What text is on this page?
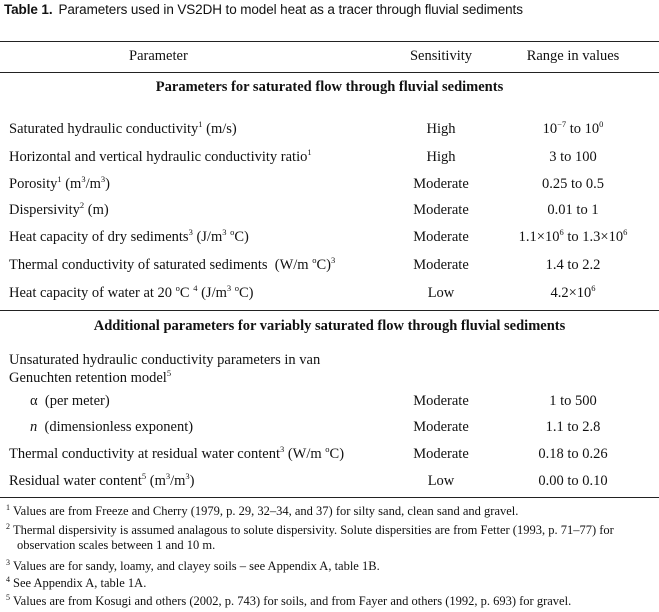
Table 1. Parameters used in VS2DH to model heat as a tracer through fluvial sediments
Parameter	Sensitivity	Range in values
Parameters for saturated flow through fluvial sediments
Saturated hydraulic conductivity$^1$ (m/s)	High	$10^{-7}$ to $10^0$
Horizontal and vertical hydraulic conductivity ratio$^1$	High	3 to 100
Porosity$^1$ $(m^3/m^3)$	Moderate	0.25 to 0.5
Dispersivity$^2$ (m)	Moderate	0.01 to 1
Heat capacity of dry sediments$^3$ ($J/m^3$ $^o$C)	Moderate	$1.1\times 10^6$ to $1.3\times 10^6$
Thermal conductivity of saturated sediments  (W/m $^o$C)$^3$	Moderate	1.4 to 2.2
Heat capacity of water at 20 $^o$C $^4$ ($J/m^3$ $^o$C)	Low	$4.2\times 10^6$
Additional parameters for variably saturated flow through fluvial sediments
Unsaturated hydraulic conductivity parameters in van
Genuchten retention model$^5$
α  (per meter)	Moderate	1 to 500
n  (dimensionless exponent)	Moderate	1.1 to 2.8
Thermal conductivity at residual water content$^3$ (W/m $^o$C)	Moderate	0.18 to 0.26
Residual water content$^5$ $(m^3/m^3)$	Low	0.00 to 0.10
$^1$ Values are from Freeze and Cherry (1979, p. 29, 32–34, and 37) for silty sand, clean sand and gravel.
$^2$ Thermal dispersivity is assumed analagous to solute dispersivity. Solute dispersities are from Fetter (1993, p. 71–77) for
observation scales between 1 and 10 m.
$^3$ Values are for sandy, loamy, and clayey soils – see Appendix A, table 1B.
$^4$ See Appendix A, table 1A.
$^5$ Values are from Kosugi and others (2002, p. 743) for soils, and from Fayer and others (1992, p. 693) for gravel.
